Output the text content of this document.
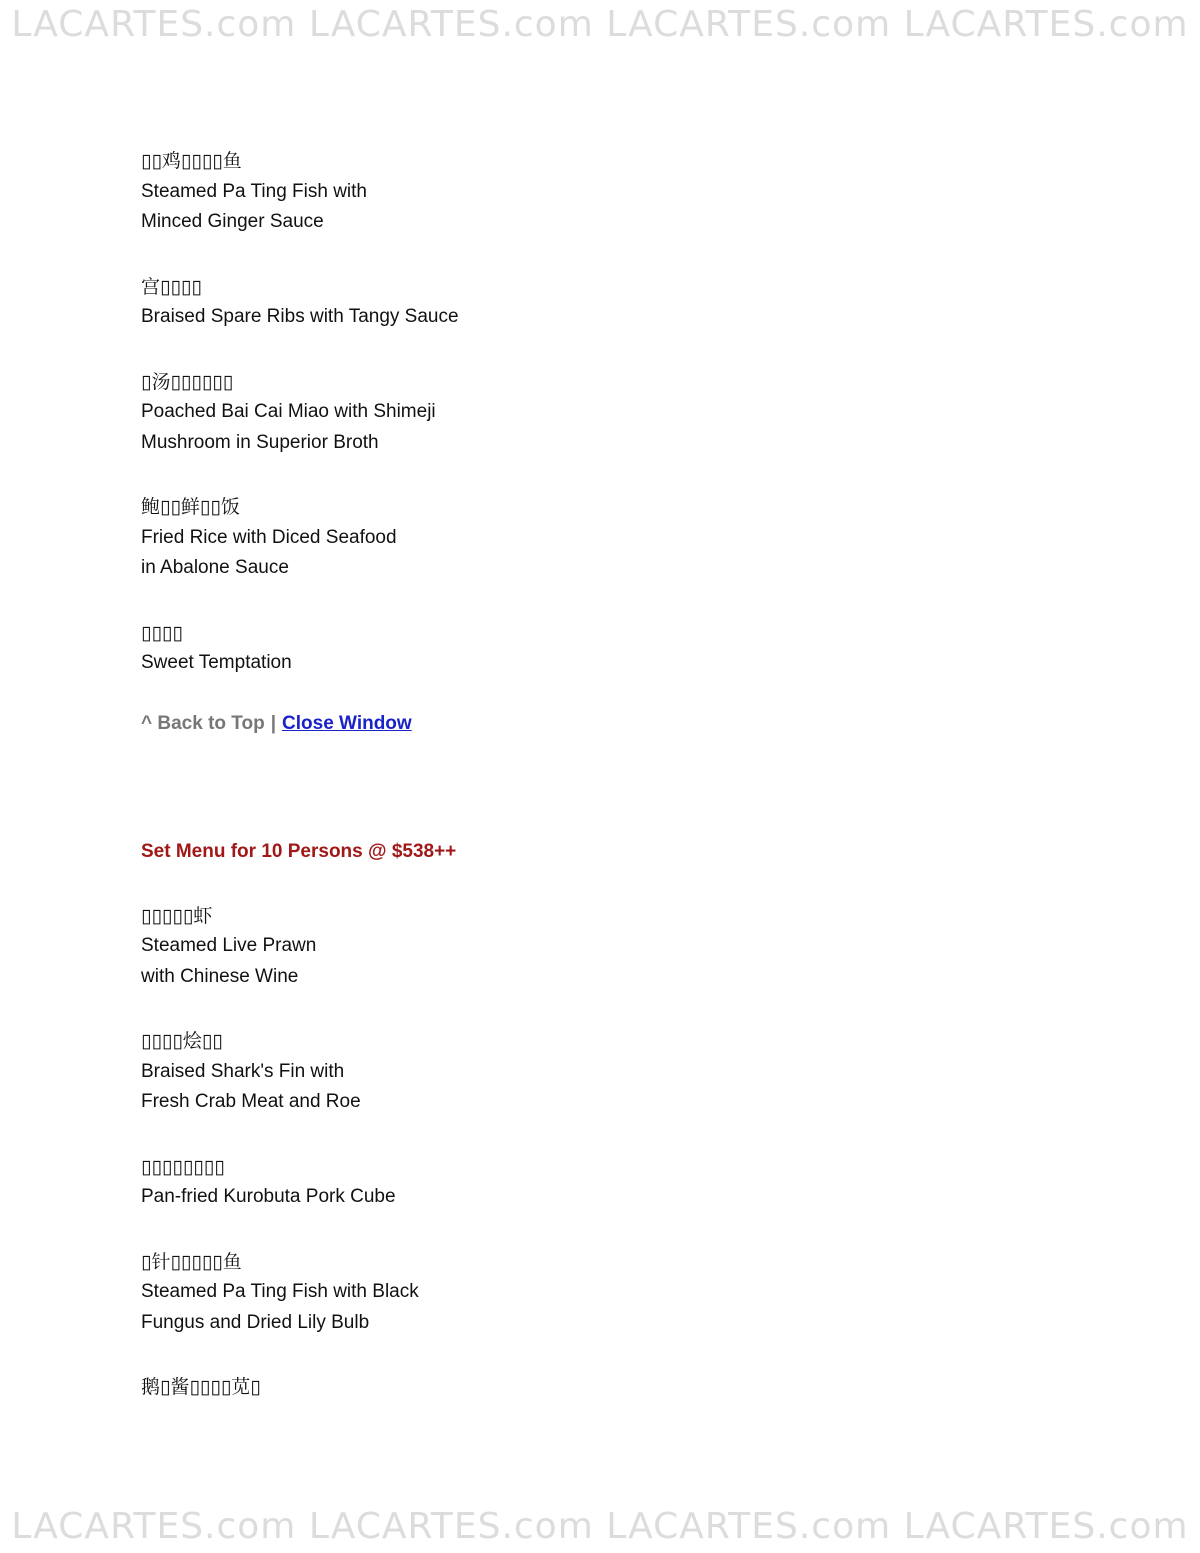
LACARTES.com LACARTES.com LACARTES.com LACARTES.com
▯▯鸡▯▯▯▯鱼
Steamed Pa Ting Fish with
Minced Ginger Sauce
宫▯▯▯▯
Braised Spare Ribs with Tangy Sauce
▯汤▯▯▯▯▯▯
Poached Bai Cai Miao with Shimeji
Mushroom in Superior Broth
鲍▯▯鲜▯▯饭
Fried Rice with Diced Seafood
in Abalone Sauce
▯▯▯▯
Sweet Temptation
^ Back to Top | Close Window
Set Menu for 10 Persons @ $538++
▯▯▯▯▯虾
Steamed Live Prawn
with Chinese Wine
▯▯▯▯烩▯▯
Braised Shark's Fin with
Fresh Crab Meat and Roe
▯▯▯▯▯▯▯▯
Pan-fried Kurobuta Pork Cube
▯针▯▯▯▯▯鱼
Steamed Pa Ting Fish with Black
Fungus and Dried Lily Bulb
鹅▯酱▯▯▯▯苋▯
LACARTES.com LACARTES.com LACARTES.com LACARTES.com
